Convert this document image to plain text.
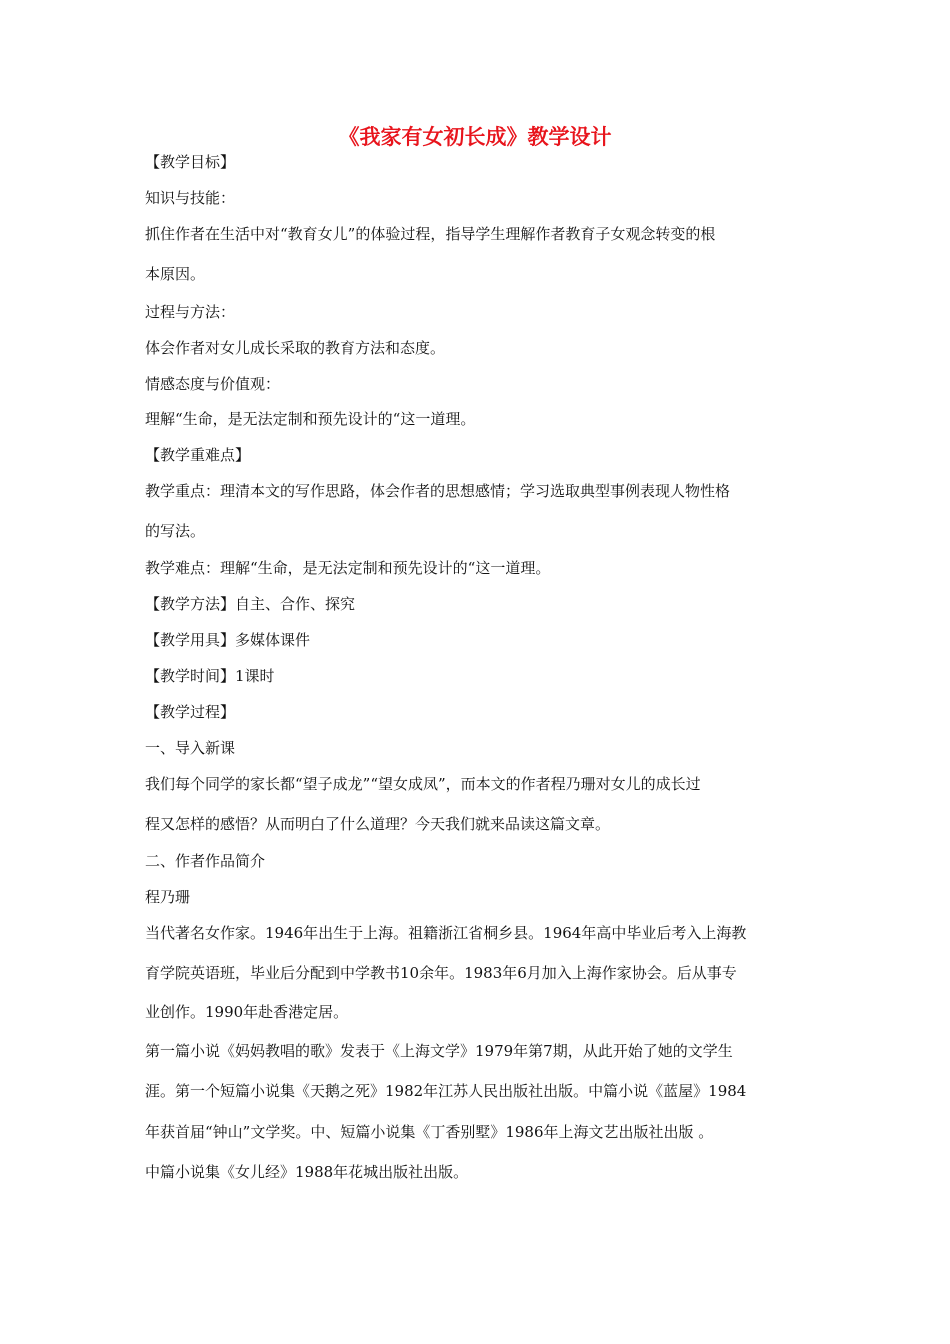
《我家有女初长成》教学设计
【教学目标】
知识与技能：
抓住作者在生活中对“教育女儿”的体验过程，指导学生理解作者教育子女观念转变的根
本原因。
过程与方法：
体会作者对女儿成长采取的教育方法和态度。
情感态度与价值观：
理解“生命，是无法定制和预先设计的“这一道理。
【教学重难点】
教学重点：理清本文的写作思路，体会作者的思想感情；学习选取典型事例表现人物性格
的写法。
教学难点：理解“生命，是无法定制和预先设计的“这一道理。
【教学方法】自主、合作、探究
【教学用具】多媒体课件
【教学时间】1课时
【教学过程】
一、导入新课
我们每个同学的家长都“望子成龙”“望女成凤”，而本文的作者程乃珊对女儿的成长过
程又怎样的感悟？从而明白了什么道理？今天我们就来品读这篇文章。
二、作者作品简介
程乃珊
当代著名女作家。1946年出生于上海。祖籍浙江省桐乡县。1964年高中毕业后考入上海教
育学院英语班，毕业后分配到中学教书10余年。1983年6月加入上海作家协会。后从事专
业创作。1990年赴香港定居。
第一篇小说《妈妈教唱的歌》发表于《上海文学》1979年第7期，从此开始了她的文学生
涯。第一个短篇小说集《天鹅之死》1982年江苏人民出版社出版。中篇小说《蓝屋》1984
年获首届“钟山”文学奖。中、短篇小说集《丁香别墅》1986年上海文艺出版社出版 。
中篇小说集《女儿经》1988年花城出版社出版。
